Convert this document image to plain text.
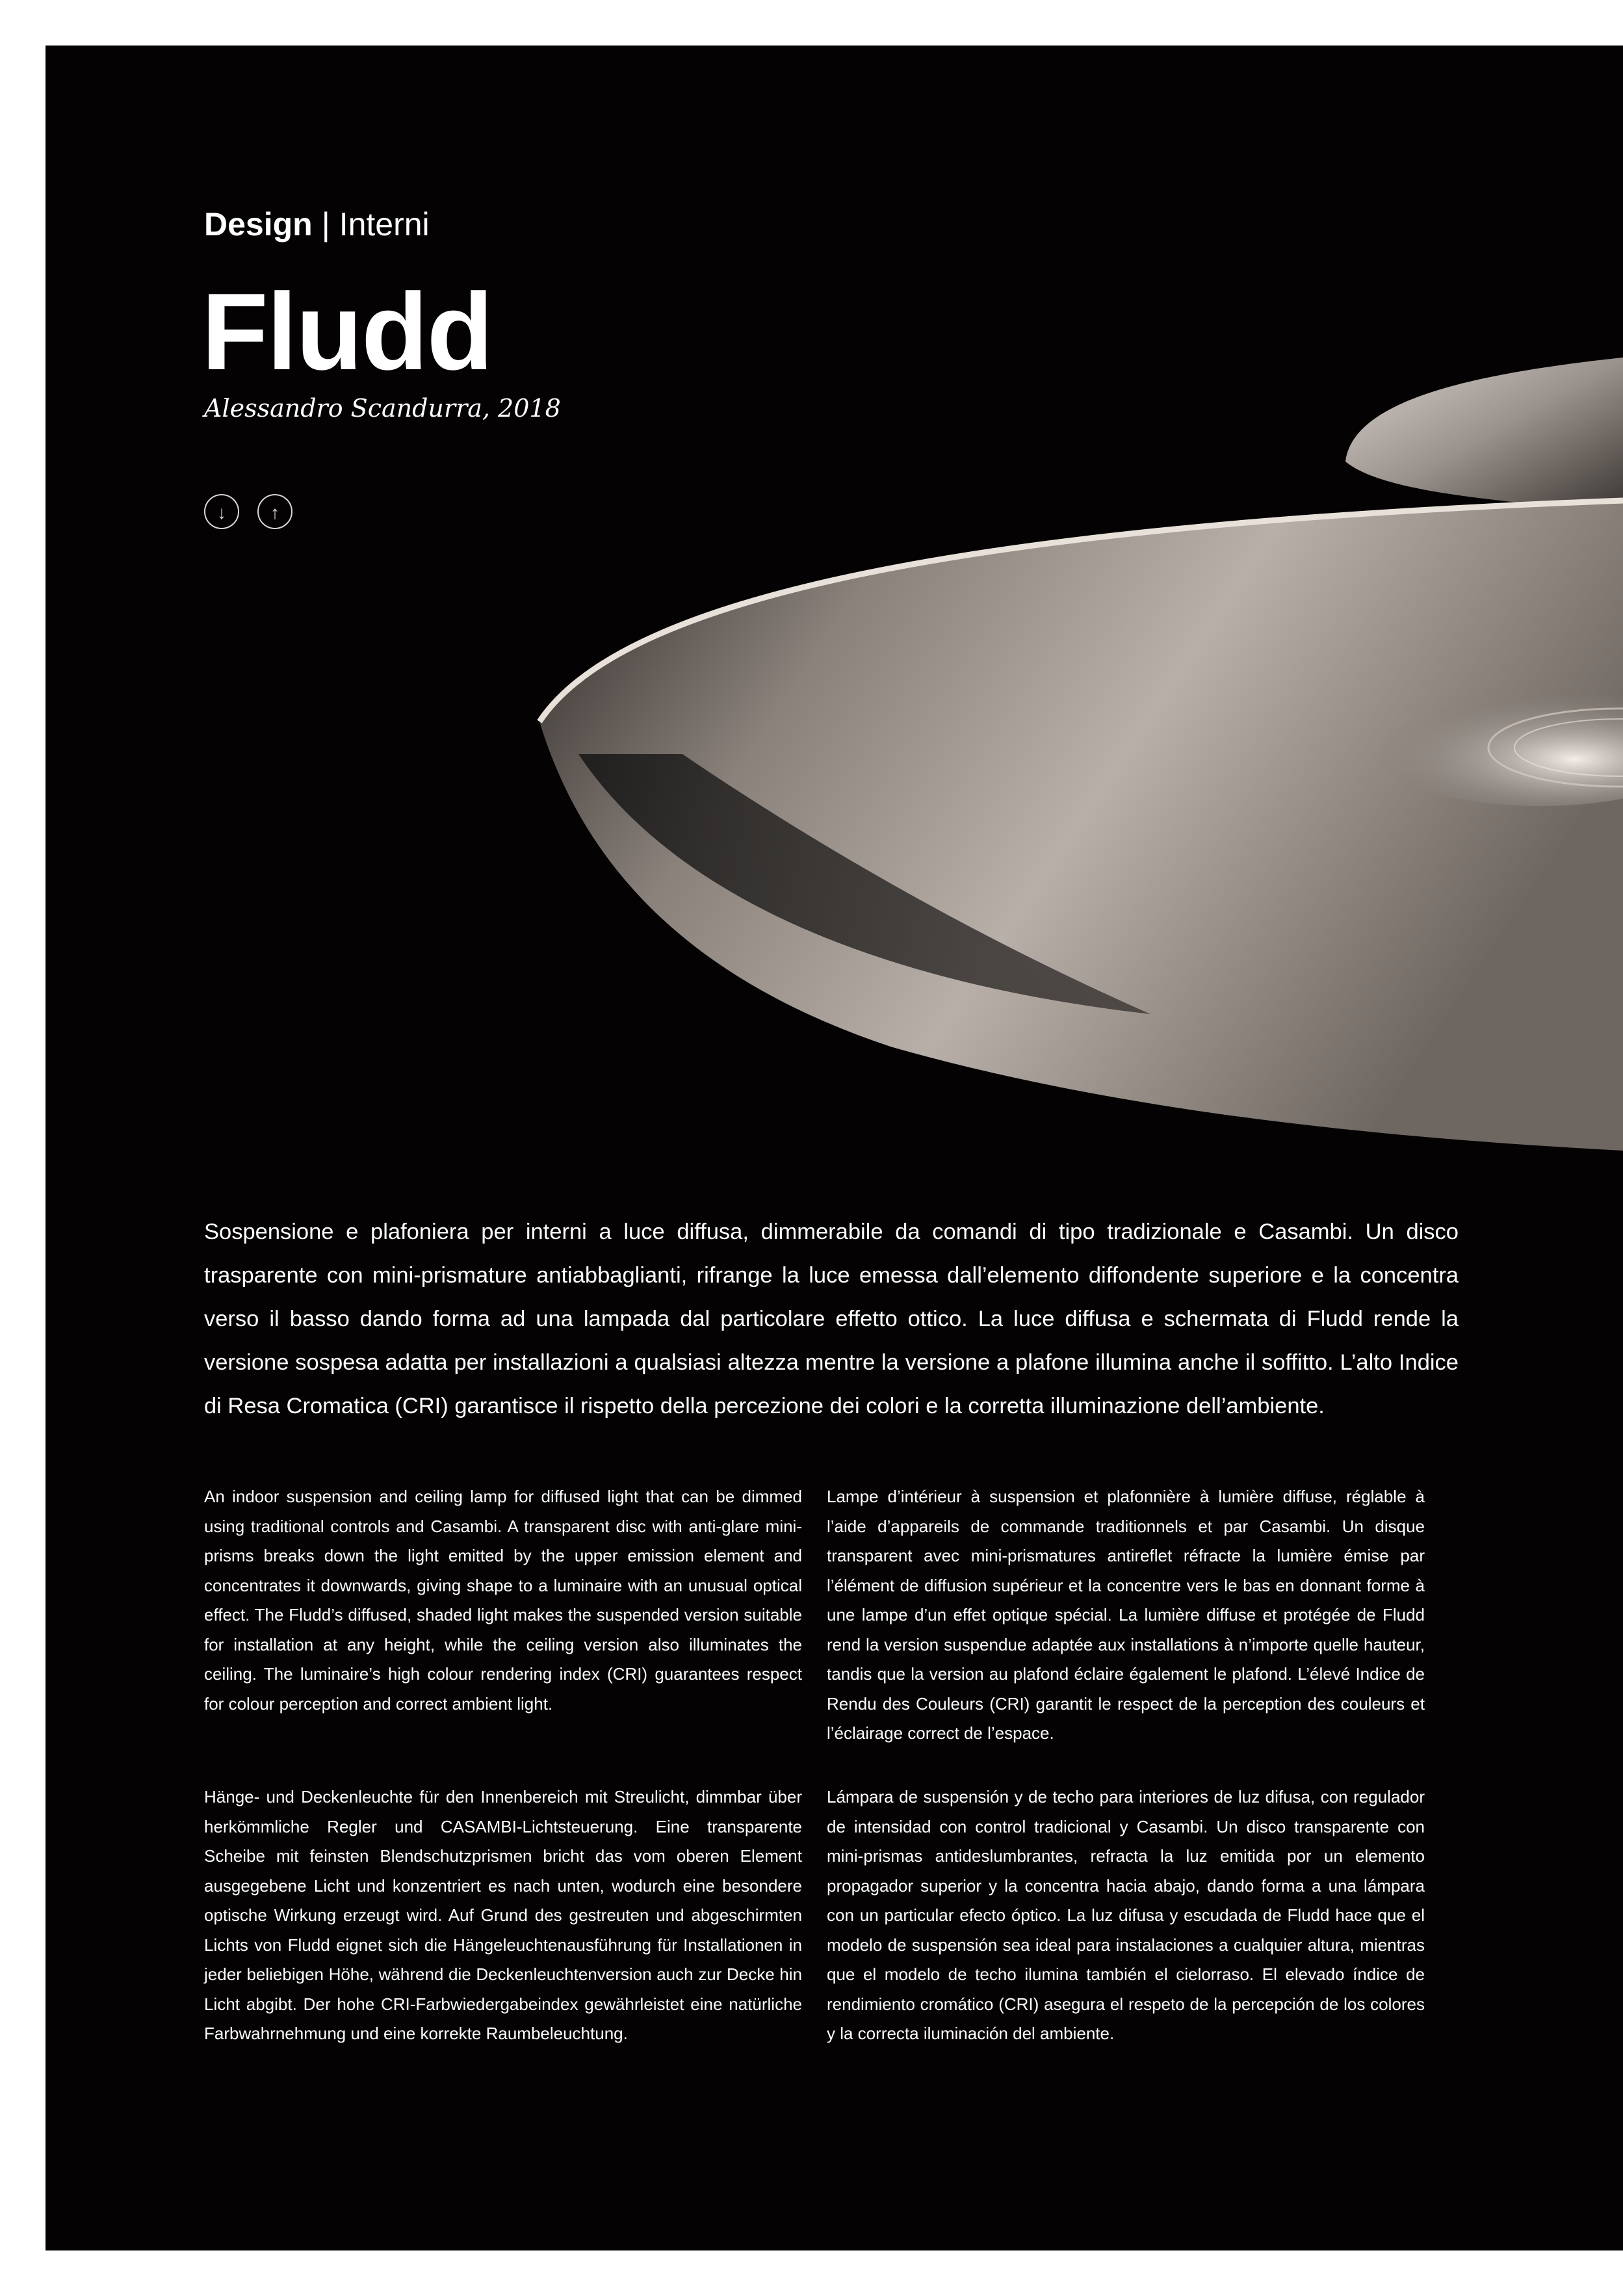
Design | Interni
Fludd
Alessandro Scandurra, 2018
↓	↑
Sospensione e plafoniera per interni a luce diffusa, dimmerabile da comandi di tipo tradizionale e Casambi. Un disco trasparente con mini-prismature antiabbaglianti, rifrange la luce emessa dall’elemento diffondente superiore e la concentra verso il basso dando forma ad una lampada dal particolare effetto ottico. La luce diffusa e schermata di Fludd rende la versione sospesa adatta per installazioni a qualsiasi altezza mentre la versione a plafone illumina anche il soffitto. L’alto Indice di Resa Cromatica (CRI) garantisce il rispetto della percezione dei colori e la corretta illuminazione dell’ambiente.
An indoor suspension and ceiling lamp for diffused light that can be dimmed using traditional controls and Casambi. A transparent disc with anti-glare mini-prisms breaks down the light emitted by the upper emission element and concentrates it downwards, giving shape to a luminaire with an unusual optical effect. The Fludd’s diffused, shaded light makes the suspended version suitable for installation at any height, while the ceiling version also illuminates the ceiling. The luminaire’s high colour rendering index (CRI) guarantees respect for colour perception and correct ambient light.
Lampe d’intérieur à suspension et plafonnière à lumière diffuse, réglable à l’aide d’appareils de commande traditionnels et par Casambi. Un disque transparent avec mini-prismatures antireflet réfracte la lumière émise par l’élément de diffusion supérieur et la concentre vers le bas en donnant forme à une lampe d’un effet optique spécial. La lumière diffuse et protégée de Fludd rend la version suspendue adaptée aux installations à n’importe quelle hauteur, tandis que la version au plafond éclaire également le plafond. L’élevé Indice de Rendu des Couleurs (CRI) garantit le respect de la perception des couleurs et l’éclairage correct de l’espace.
Hänge- und Deckenleuchte für den Innenbereich mit Streulicht, dimmbar über herkömmliche Regler und CASAMBI-Lichtsteuerung. Eine transparente Scheibe mit feinsten Blendschutzprismen bricht das vom oberen Element ausgegebene Licht und konzentriert es nach unten, wodurch eine besondere optische Wirkung erzeugt wird. Auf Grund des gestreuten und abgeschirmten Lichts von Fludd eignet sich die Hängeleuchtenausführung für Installationen in jeder beliebigen Höhe, während die Deckenleuchtenversion auch zur Decke hin Licht abgibt. Der hohe CRI-Farbwiedergabeindex gewährleistet eine natürliche Farbwahrnehmung und eine korrekte Raumbeleuchtung.
Lámpara de suspensión y de techo para interiores de luz difusa, con regulador de intensidad con control tradicional y Casambi. Un disco transparente con mini-prismas antideslumbrantes, refracta la luz emitida por un elemento propagador superior y la concentra hacia abajo, dando forma a una lámpara con un particular efecto óptico. La luz difusa y escudada de Fludd hace que el modelo de suspensión sea ideal para instalaciones a cualquier altura, mientras que el modelo de techo ilumina también el cielorraso. El elevado índice de rendimiento cromático (CRI) asegura el respeto de la percepción de los colores y la correcta iluminación del ambiente.
